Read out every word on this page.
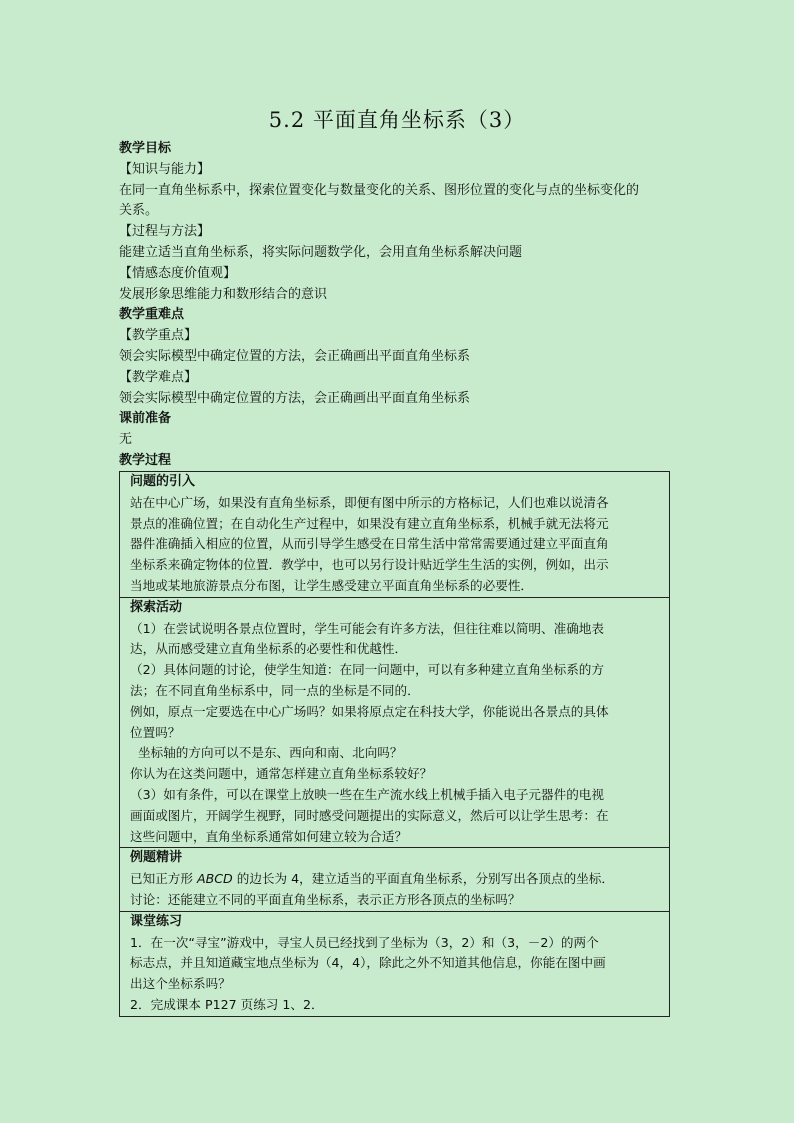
5.2 平面直角坐标系（3）
教学目标
【知识与能力】
在同一直角坐标系中，探索位置变化与数量变化的关系、图形位置的变化与点的坐标变化的
关系。
【过程与方法】
能建立适当直角坐标系，将实际问题数学化，会用直角坐标系解决问题
【情感态度价值观】
发展形象思维能力和数形结合的意识
教学重难点
【教学重点】
领会实际模型中确定位置的方法，会正确画出平面直角坐标系
【教学难点】
领会实际模型中确定位置的方法，会正确画出平面直角坐标系
课前准备
无
教学过程
问题的引入
站在中心广场，如果没有直角坐标系，即便有图中所示的方格标记，人们也难以说清各
景点的准确位置；在自动化生产过程中，如果没有建立直角坐标系，机械手就无法将元
器件准确插入相应的位置，从而引导学生感受在日常生活中常常需要通过建立平面直角
坐标系来确定物体的位置．教学中，也可以另行设计贴近学生生活的实例，例如，出示
当地或某地旅游景点分布图，让学生感受建立平面直角坐标系的必要性．

探索活动
（1）在尝试说明各景点位置时，学生可能会有许多方法，但往往难以简明、准确地表
达，从而感受建立直角坐标系的必要性和优越性．
（2）具体问题的讨论，使学生知道：在同一问题中，可以有多种建立直角坐标系的方
法；在不同直角坐标系中，同一点的坐标是不同的．
例如，原点一定要选在中心广场吗？如果将原点定在科技大学，你能说出各景点的具体
位置吗？
坐标轴的方向可以不是东、西向和南、北向吗？
你认为在这类问题中，通常怎样建立直角坐标系较好？
（3）如有条件，可以在课堂上放映一些在生产流水线上机械手插入电子元器件的电视
画面或图片，开阔学生视野，同时感受问题提出的实际意义，然后可以让学生思考：在
这些问题中，直角坐标系通常如何建立较为合适？

例题精讲
已知正方形 ABCD 的边长为 4，建立适当的平面直角坐标系，分别写出各顶点的坐标．
讨论：还能建立不同的平面直角坐标系，表示正方形各顶点的坐标吗？

课堂练习
1．在一次“寻宝”游戏中，寻宝人员已经找到了坐标为（3，2）和（3，－2）的两个
标志点，并且知道藏宝地点坐标为（4，4），除此之外不知道其他信息，你能在图中画
出这个坐标系吗？
2．完成课本 P127 页练习 1、2．
